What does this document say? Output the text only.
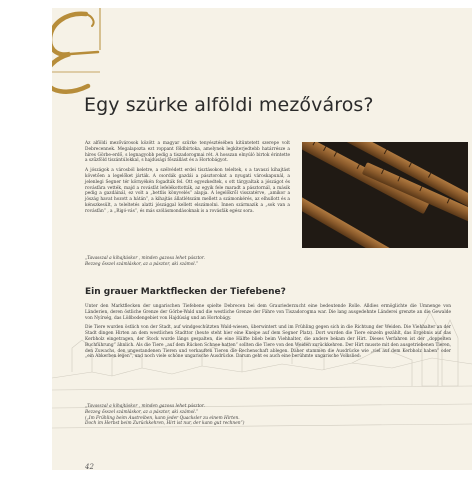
Egy szürke alföldi mezőváros?

Az alföldi mezővárosok között a magyar szürke tenyésztésében kitüntetett szerepe volt Debrecennek. Megalapozta ezt roppant földbirtoka, amelynek legkiterjedtebb határrésze a híres Görbe-erdő, s legnagyobb pedig a tiszadorogmai rét. A hosszan elnyúló birtok érintette a szűzföld tiszántúlokkal, s hajdúsági főszállást és a Hortobágyot.

A jószágok a városból keletre, a szélvédett erdei tisztásokon teleltek, s a tavaszi kihajtást követően a legelőket járták. A csordák gazdái a pásztorokat a nyugati városkapunál, a jelenlegi Segner tér környékén fogadták fel. Ott egyezkedtek, s ott tárgyaltak a jószágot és rovásfára vették, majd a rovásfát lefelékottották, az egyik fele maradt a pásztornál, a másik pedig a gazdáinál, ez volt a „bettlis könyvelés” alapja. A legelőkről visszatérve, „amikor a jószág havat hozott a hátán”, a kihajtás állatlétszám mellett a számonkérés, az elhullott és a kénszkesült, a teleltetés alatti jószággal kellett elszámolni. Innen származik a „sok van a rovásfán” , a „Rigó-vás”, és más szólásmondásoknak is a rovásfák egész sora.

„Tavasszal a kihajtáskor , minden gazosa lehet pásztor.
Bezzeg ősszel számláskor, az a pásztor, aki számol.”
Ein grauer Marktflecken der Tiefebene?

Unter den Marktflecken der ungarischen Tiefebene spielte Debrecen bei dem Grauriederzucht eine bedeutende Rolle. Alldies ermöglichte die Umnenge von Länderien, deren östliche Grenze der Görbe-Wald und die westliche Grenze der Fähre von Tiszadorogma war. Die lang ausgedehnte Länderei grenzte an die Gewalde von Nyírség, das Lößbodengebiet von Hajdúság und an Hortobágy.

Die Tiere wurden östlich von der Stadt, auf windgeschützten Wald-wiesen, überwintert und im Frühling gegen sich in die Richtung der Weiden. Die Viehhalter an der Stadt dingen Hirten an dem westlichen Stadttor (heute steht hier eine Kneipe auf dem Segner Platz). Dort wurden die Tiere einzeln gezählt, das Ergebnis auf das Kerbholz eingetragen, der Stock wurde längs gespalten, die eine Hälfte blieb beim Viehhalter, die andere bekam der Hirt. Dieses Verfahren ist der „doppelten Buchführung” ähnlich. Als die Tiere „auf dem Rücken Schnee hatten” sollten die Tiere von den Weiden zurückkehren. Der Hirt musste mit den ausgetriebenen Tieren, den Zuwachs, den ungestandenen Tieren und verkauften Tieren die Rechenschaft ablegen. Daher stammen die Ausdrücke wie „viel auf dem Kerbholz haben” oder „ein Abkerben legen”, und noch viele schöne ungarische Ausdrücke. Darum geht es auch eine berühmte ungarische Volkslied:

„Tavasszal a kihajtáskor , minden gazosa lehet pásztor.
Bezzeg ősszel számláskor, az a pásztor, aki számol.”
(„Im Frühling beim Austreiben, kann jeder Quacksler zu einem Hirten.
Doch im Herbst beim Zurückkehren, Hirt ist nur, der kann gut rechnen”)
42
